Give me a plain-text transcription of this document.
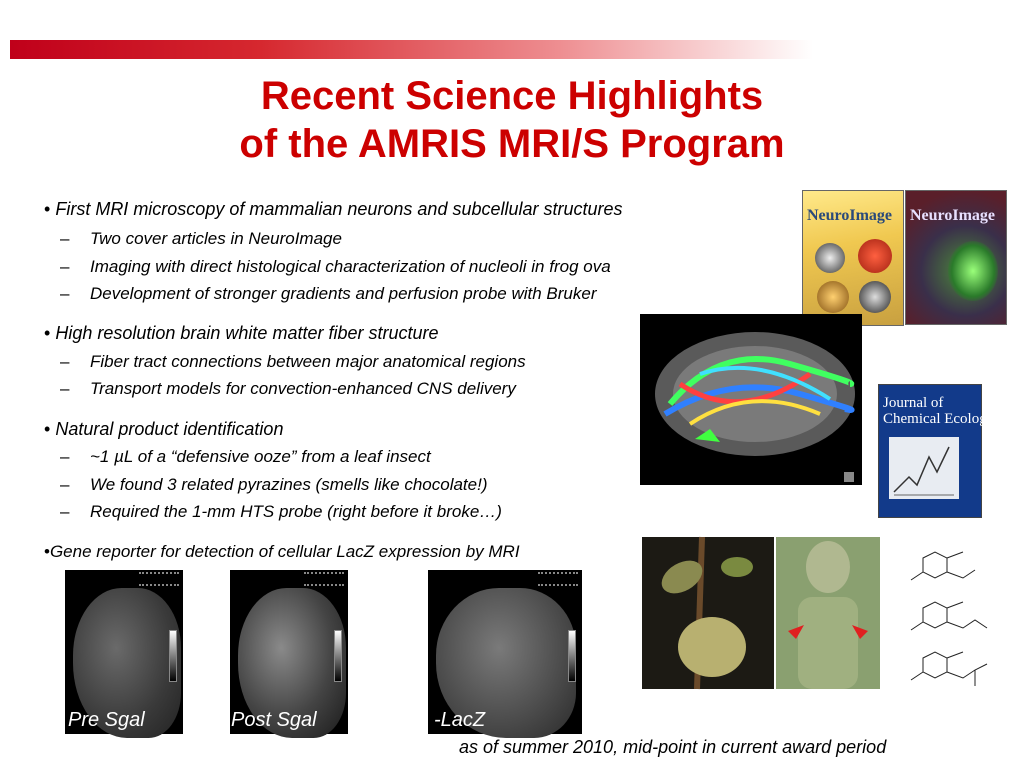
Recent Science Highlights
of the AMRIS MRI/S Program
• First MRI microscopy of mammalian neurons and subcellular structures
– Two cover articles in NeuroImage
– Imaging with direct histological characterization of nucleoli in frog ova
– Development of stronger gradients and perfusion probe with Bruker
• High resolution brain white matter fiber structure
– Fiber tract connections between major anatomical regions
– Transport models for convection-enhanced CNS delivery
• Natural product identification
– ~1 µL of a “defensive ooze” from a leaf insect
– We found 3 related pyrazines (smells like chocolate!)
– Required the 1-mm HTS probe (right before it broke…)
•Gene reporter for detection of cellular LacZ expression by MRI
NeuroImage NeuroImage
Journal of
Chemical Ecology
Pre Sgal	Post Sgal	-LacZ
as of summer 2010, mid-point in current award period
